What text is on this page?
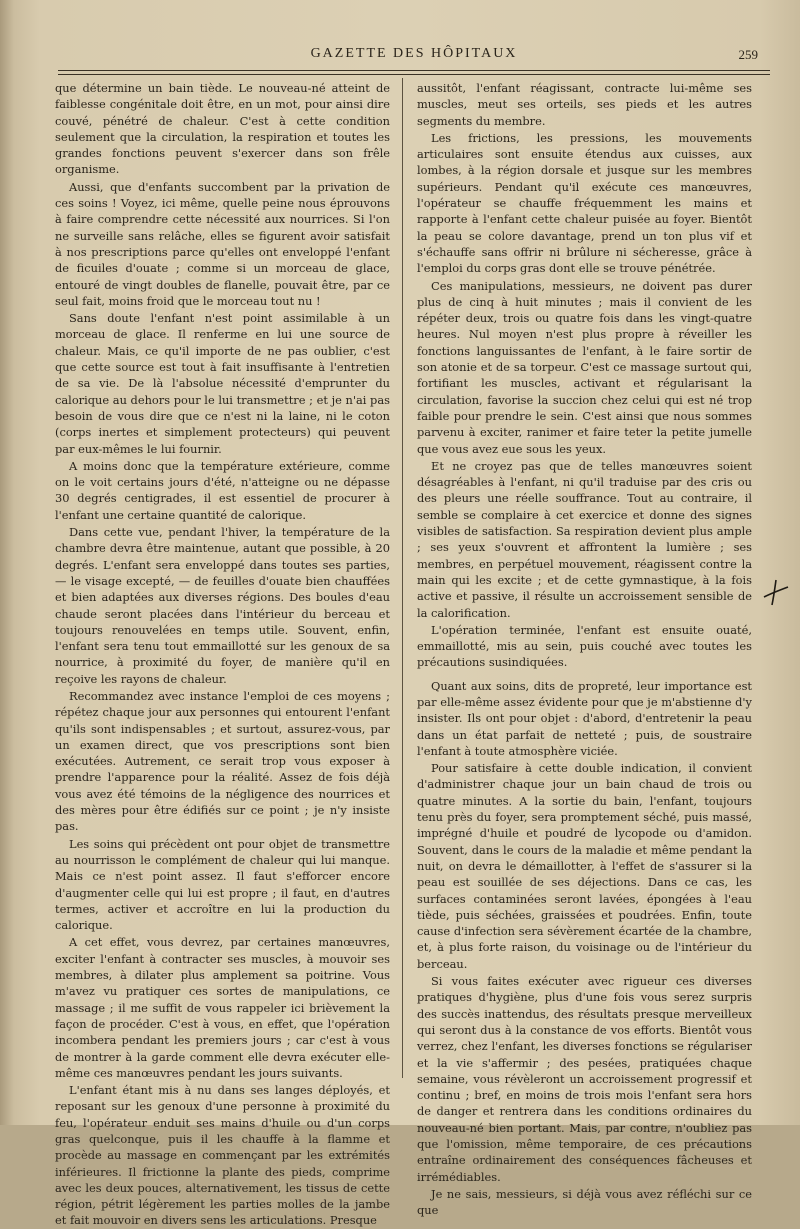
GAZETTE DES HÔPITAUX	259

que détermine un bain tiède. Le nouveau-né atteint de faiblesse congénitale doit être, en un mot, pour ainsi dire couvé, pénétré de chaleur. C'est à cette condition seulement que la circulation, la respiration et toutes les grandes fonctions peuvent s'exercer dans son frêle organisme.

Aussi, que d'enfants succombent par la privation de ces soins ! Voyez, ici même, quelle peine nous éprouvons à faire comprendre cette nécessité aux nourrices. Si l'on ne surveille sans relâche, elles se figurent avoir satisfait à nos prescriptions parce qu'elles ont enveloppé l'enfant de ficuiles d'ouate ; comme si un morceau de glace, entouré de vingt doubles de flanelle, pouvait être, par ce seul fait, moins froid que le morceau tout nu !

Sans doute l'enfant n'est point assimilable à un morceau de glace. Il renferme en lui une source de chaleur. Mais, ce qu'il importe de ne pas oublier, c'est que cette source est tout à fait insuffisante à l'entretien de sa vie. De là l'absolue nécessité d'emprunter du calorique au dehors pour le lui transmettre ; et je n'ai pas besoin de vous dire que ce n'est ni la laine, ni le coton (corps inertes et simplement protecteurs) qui peuvent par eux-mêmes le lui fournir.

A moins donc que la température extérieure, comme on le voit certains jours d'été, n'atteigne ou ne dépasse 30 degrés centigrades, il est essentiel de procurer à l'enfant une certaine quantité de calorique.

Dans cette vue, pendant l'hiver, la température de la chambre devra être maintenue, autant que possible, à 20 degrés. L'enfant sera enveloppé dans toutes ses parties, — le visage excepté, — de feuilles d'ouate bien chauffées et bien adaptées aux diverses régions. Des boules d'eau chaude seront placées dans l'intérieur du berceau et toujours renouvelées en temps utile. Souvent, enfin, l'enfant sera tenu tout emmaillotté sur les genoux de sa nourrice, à proximité du foyer, de manière qu'il en reçoive les rayons de chaleur.

Recommandez avec instance l'emploi de ces moyens ; répétez chaque jour aux personnes qui entourent l'enfant qu'ils sont indispensables ; et surtout, assurez-vous, par un examen direct, que vos prescriptions sont bien exécutées. Autrement, ce serait trop vous exposer à prendre l'apparence pour la réalité. Assez de fois déjà vous avez été témoins de la négligence des nourrices et des mères pour être édifiés sur ce point ; je n'y insiste pas.

Les soins qui précèdent ont pour objet de transmettre au nourrisson le complément de chaleur qui lui manque. Mais ce n'est point assez. Il faut s'efforcer encore d'augmenter celle qui lui est propre ; il faut, en d'autres termes, activer et accroître en lui la production du calorique.

A cet effet, vous devrez, par certaines manœuvres, exciter l'enfant à contracter ses muscles, à mouvoir ses membres, à dilater plus amplement sa poitrine. Vous m'avez vu pratiquer ces sortes de manipulations, ce massage ; il me suffit de vous rappeler ici brièvement la façon de procéder. C'est à vous, en effet, que l'opération incombera pendant les premiers jours ; car c'est à vous de montrer à la garde comment elle devra exécuter elle-même ces manœuvres pendant les jours suivants.

L'enfant étant mis à nu dans ses langes déployés, et reposant sur les genoux d'une personne à proximité du feu, l'opérateur enduit ses mains d'huile ou d'un corps gras quelconque, puis il les chauffe à la flamme et procède au massage en commençant par les extrémités inférieures. Il frictionne la plante des pieds, comprime avec les deux pouces, alternativement, les tissus de cette région, pétrit légèrement les parties molles de la jambe et fait mouvoir en divers sens les articulations. Presque

aussitôt, l'enfant réagissant, contracte lui-même ses muscles, meut ses orteils, ses pieds et les autres segments du membre.

Les frictions, les pressions, les mouvements articulaires sont ensuite étendus aux cuisses, aux lombes, à la région dorsale et jusque sur les membres supérieurs. Pendant qu'il exécute ces manœuvres, l'opérateur se chauffe fréquemment les mains et rapporte à l'enfant cette chaleur puisée au foyer. Bientôt la peau se colore davantage, prend un ton plus vif et s'échauffe sans offrir ni brûlure ni sécheresse, grâce à l'emploi du corps gras dont elle se trouve pénétrée.

Ces manipulations, messieurs, ne doivent pas durer plus de cinq à huit minutes ; mais il convient de les répéter deux, trois ou quatre fois dans les vingt-quatre heures. Nul moyen n'est plus propre à réveiller les fonctions languissantes de l'enfant, à le faire sortir de son atonie et de sa torpeur. C'est ce massage surtout qui, fortifiant les muscles, activant et régularisant la circulation, favorise la succion chez celui qui est né trop faible pour prendre le sein. C'est ainsi que nous sommes parvenu à exciter, ranimer et faire teter la petite jumelle que vous avez eue sous les yeux.

Et ne croyez pas que de telles manœuvres soient désagréables à l'enfant, ni qu'il traduise par des cris ou des pleurs une réelle souffrance. Tout au contraire, il semble se complaire à cet exercice et donne des signes visibles de satisfaction. Sa respiration devient plus ample ; ses yeux s'ouvrent et affrontent la lumière ; ses membres, en perpétuel mouvement, réagissent contre la main qui les excite ; et de cette gymnastique, à la fois active et passive, il résulte un accroissement sensible de la calorification.

L'opération terminée, l'enfant est ensuite ouaté, emmaillotté, mis au sein, puis couché avec toutes les précautions susindiquées.

Quant aux soins, dits de propreté, leur importance est par elle-même assez évidente pour que je m'abstienne d'y insister. Ils ont pour objet : d'abord, d'entretenir la peau dans un état parfait de netteté ; puis, de soustraire l'enfant à toute atmosphère viciée.

Pour satisfaire à cette double indication, il convient d'administrer chaque jour un bain chaud de trois ou quatre minutes. A la sortie du bain, l'enfant, toujours tenu près du foyer, sera promptement séché, puis massé, imprégné d'huile et poudré de lycopode ou d'amidon. Souvent, dans le cours de la maladie et même pendant la nuit, on devra le démaillotter, à l'effet de s'assurer si la peau est souillée de ses déjections. Dans ce cas, les surfaces contaminées seront lavées, épongées à l'eau tiède, puis séchées, graissées et poudrées. Enfin, toute cause d'infection sera sévèrement écartée de la chambre, et, à plus forte raison, du voisinage ou de l'intérieur du berceau.

Si vous faites exécuter avec rigueur ces diverses pratiques d'hygiène, plus d'une fois vous serez surpris des succès inattendus, des résultats presque merveilleux qui seront dus à la constance de vos efforts. Bientôt vous verrez, chez l'enfant, les diverses fonctions se régulariser et la vie s'affermir ; des pesées, pratiquées chaque semaine, vous révèleront un accroissement progressif et continu ; bref, en moins de trois mois l'enfant sera hors de danger et rentrera dans les conditions ordinaires du nouveau-né bien portant. Mais, par contre, n'oubliez pas que l'omission, même temporaire, de ces précautions entraîne ordinairement des conséquences fâcheuses et irrémédiables.

Je ne sais, messieurs, si déjà vous avez réfléchi sur ce que
